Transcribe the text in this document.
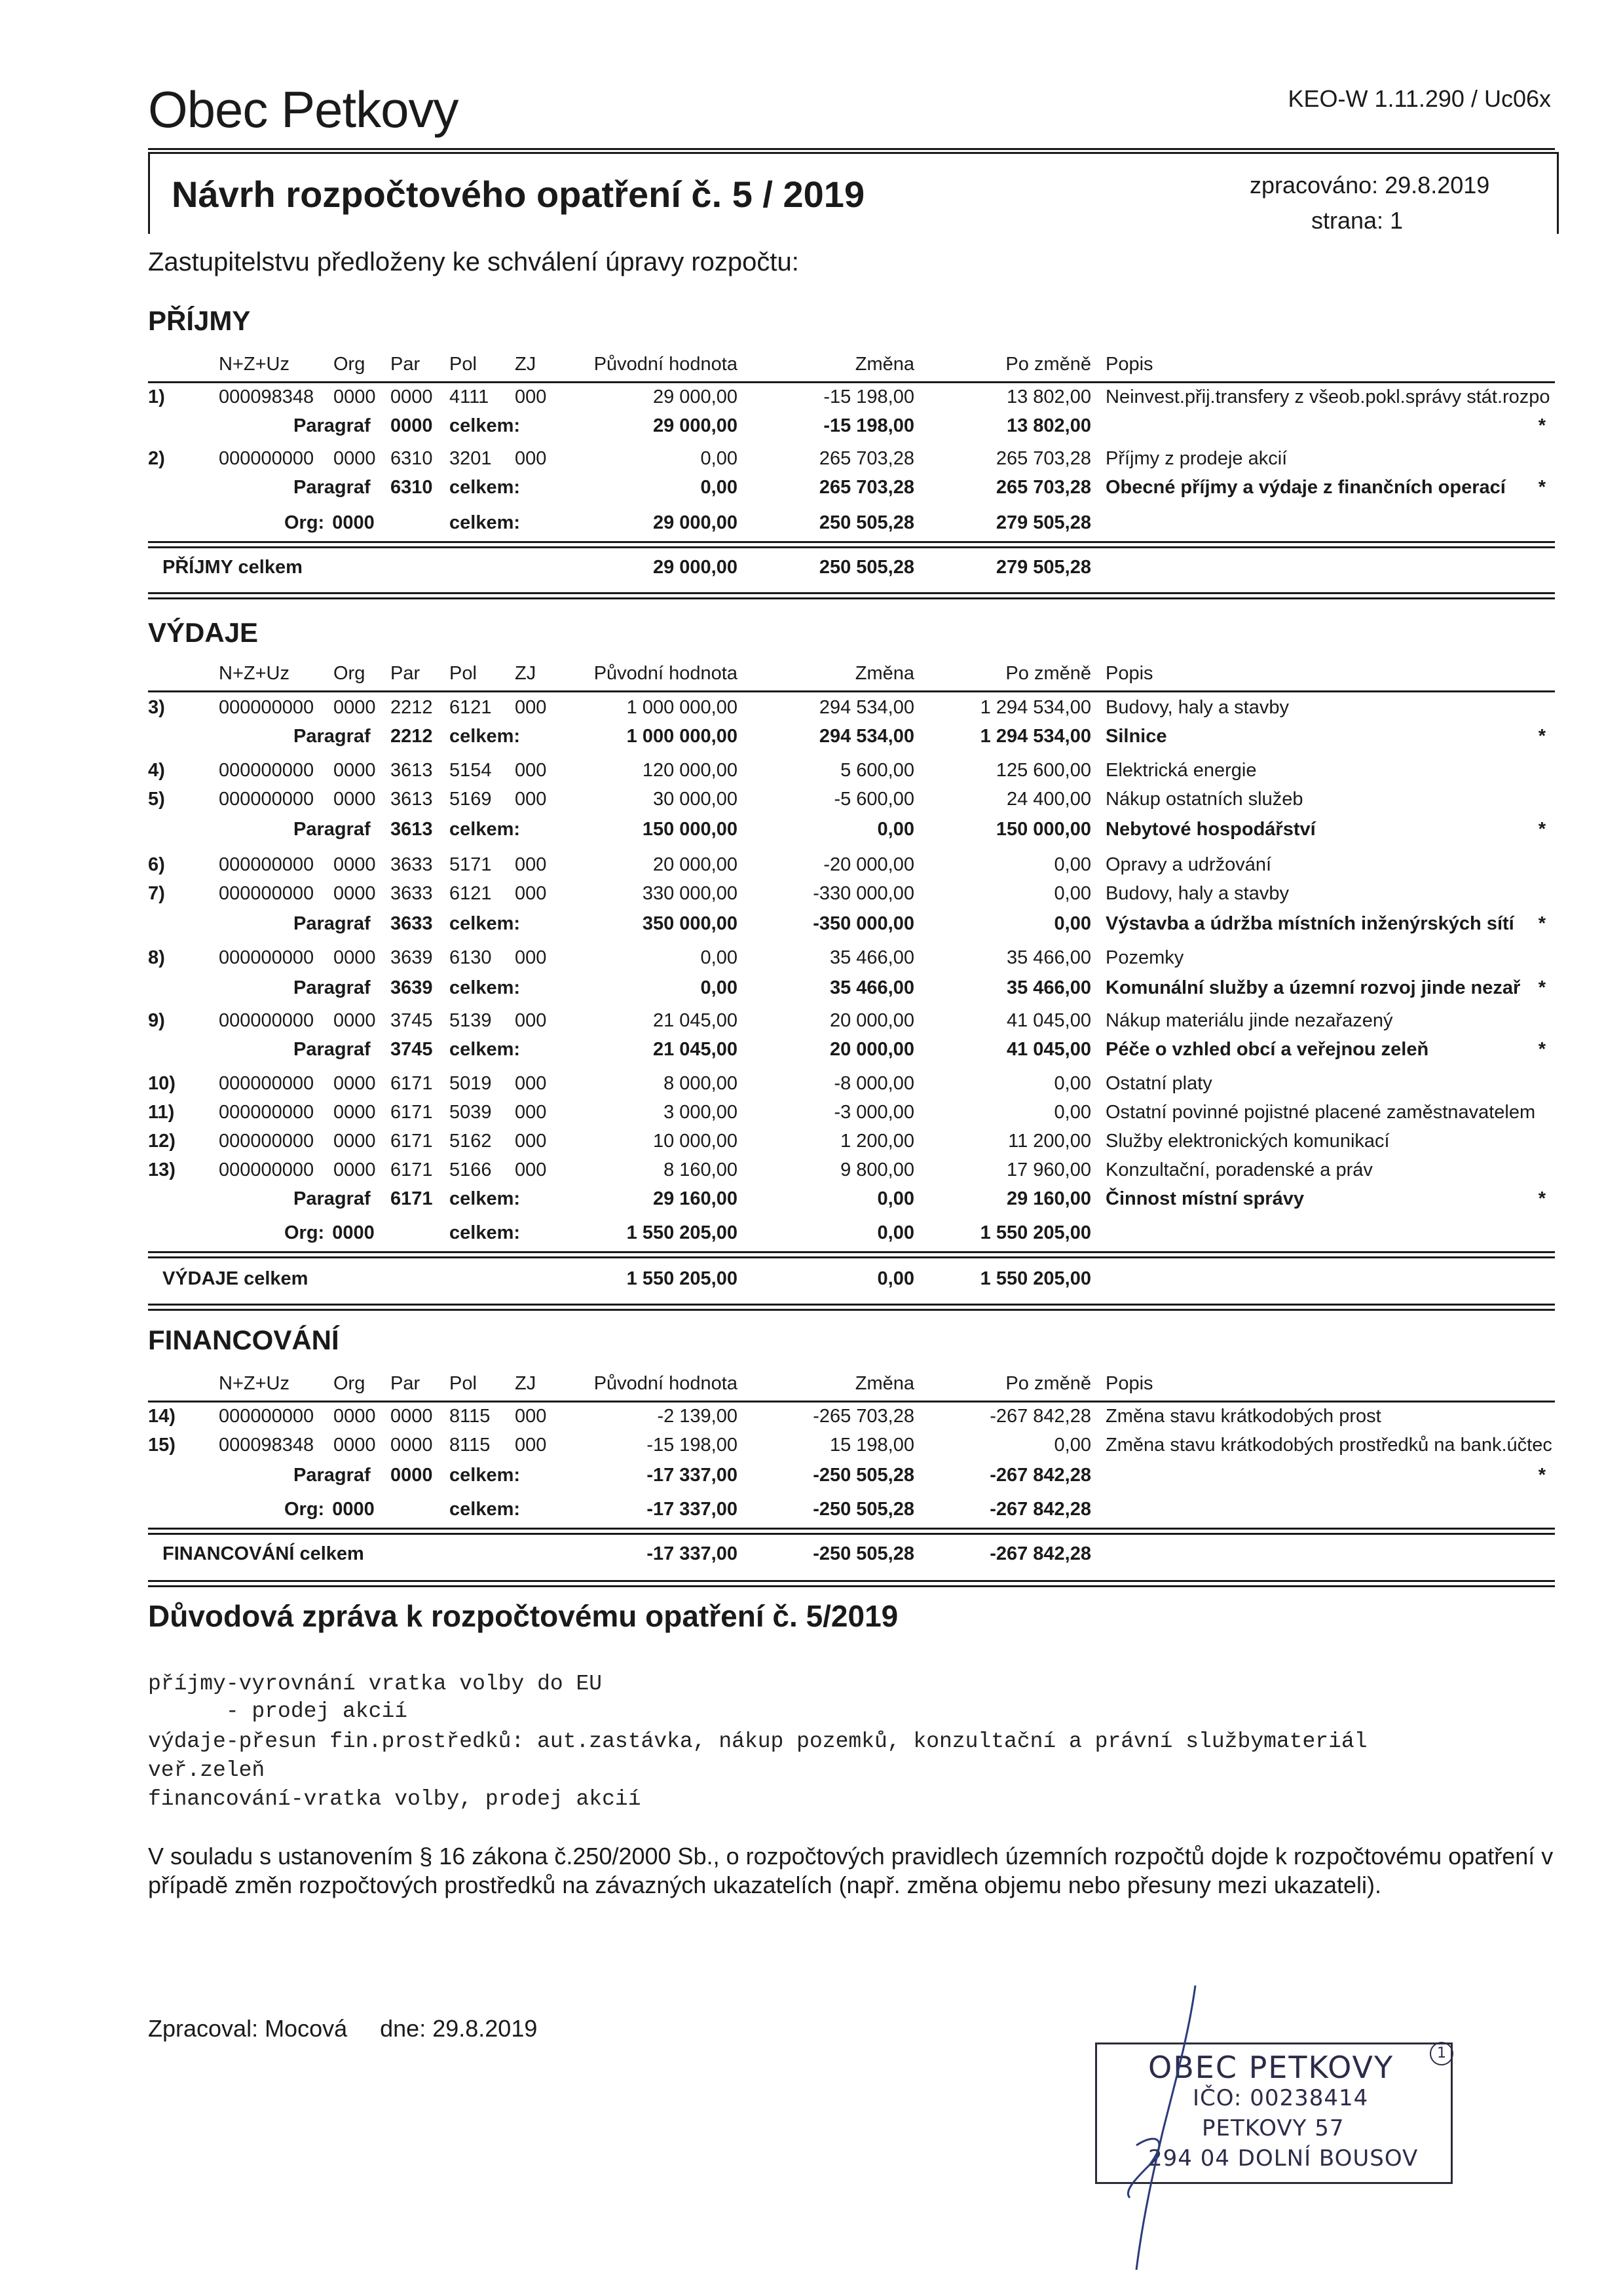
Obec Petkovy	KEO-W 1.11.290 / Uc06x
Návrh rozpočtového opatření č. 5 / 2019	zpracováno: 29.8.2019
strana: 1
Zastupitelstvu předloženy ke schválení úpravy rozpočtu:
PŘÍJMY
N+Z+Uz Org Par Pol ZJ	Původní hodnota	Změna	Po změně Popis
1)	000098348 0000 0000 4111 000	29 000,00	-15 198,00	13 802,00 Neinvest.přij.transfery z všeob.pokl.správy stát.rozpo
Paragraf 0000 celkem:	29 000,00	-15 198,00	13 802,00	*
2)	000000000 0000 6310 3201 000	0,00	265 703,28	265 703,28 Příjmy z prodeje akcií
Paragraf 6310 celkem:	0,00	265 703,28	265 703,28 Obecné příjmy a výdaje z finančních operací *
Org: 0000	celkem:	29 000,00	250 505,28	279 505,28
PŘÍJMY celkem	29 000,00	250 505,28	279 505,28
VÝDAJE
N+Z+Uz Org Par Pol ZJ	Původní hodnota	Změna	Po změně Popis
3)	000000000 0000 2212 6121 000	1 000 000,00	294 534,00	1 294 534,00 Budovy, haly a stavby
Paragraf 2212 celkem:	1 000 000,00	294 534,00	1 294 534,00 Silnice	*
4)	000000000 0000 3613 5154 000	120 000,00	5 600,00	125 600,00 Elektrická energie
5)	000000000 0000 3613 5169 000	30 000,00	-5 600,00	24 400,00 Nákup ostatních služeb
Paragraf 3613 celkem:	150 000,00	0,00	150 000,00 Nebytové hospodářství	*
6)	000000000 0000 3633 5171 000	20 000,00	-20 000,00	0,00 Opravy a udržování
7)	000000000 0000 3633 6121 000	330 000,00	-330 000,00	0,00 Budovy, haly a stavby
Paragraf 3633 celkem:	350 000,00	-350 000,00	0,00 Výstavba a údržba místních inženýrských sítí *
8)	000000000 0000 3639 6130 000	0,00	35 466,00	35 466,00 Pozemky
Paragraf 3639 celkem:	0,00	35 466,00	35 466,00 Komunální služby a územní rozvoj jinde nezař *
9)	000000000 0000 3745 5139 000	21 045,00	20 000,00	41 045,00 Nákup materiálu jinde nezařazený
Paragraf 3745 celkem:	21 045,00	20 000,00	41 045,00 Péče o vzhled obcí a veřejnou zeleň	*
10) 000000000 0000 6171 5019 000	8 000,00	-8 000,00	0,00 Ostatní platy
11) 000000000 0000 6171 5039 000	3 000,00	-3 000,00	0,00 Ostatní povinné pojistné placené zaměstnavatelem
12) 000000000 0000 6171 5162 000	10 000,00	1 200,00	11 200,00 Služby elektronických komunikací
13) 000000000 0000 6171 5166 000	8 160,00	9 800,00	17 960,00 Konzultační, poradenské a práv
Paragraf 6171 celkem:	29 160,00	0,00	29 160,00 Činnost místní správy	*
Org: 0000	celkem:	1 550 205,00	0,00	1 550 205,00
VÝDAJE celkem	1 550 205,00	0,00	1 550 205,00
FINANCOVÁNÍ
N+Z+Uz Org Par Pol ZJ	Původní hodnota	Změna	Po změně Popis
14) 000000000 0000 0000 8115 000	-2 139,00	-265 703,28	-267 842,28 Změna stavu krátkodobých prost
15) 000098348 0000 0000 8115 000	-15 198,00	15 198,00	0,00 Změna stavu krátkodobých prostředků na bank.účtec
Paragraf 0000 celkem:	-17 337,00	-250 505,28	-267 842,28	*
Org: 0000	celkem:	-17 337,00	-250 505,28	-267 842,28
FINANCOVÁNÍ celkem	-17 337,00	-250 505,28	-267 842,28
Důvodová zpráva k rozpočtovému opatření č. 5/2019
příjmy-vyrovnání vratka volby do EU
- prodej akcií
výdaje-přesun fin.prostředků: aut.zastávka, nákup pozemků, konzultační a právní službymateriál
veř.zeleň
financování-vratka volby, prodej akcií
V souladu s ustanovením § 16 zákona č.250/2000 Sb., o rozpočtových pravidlech územních rozpočtů dojde k rozpočtovému opatření v případě změn rozpočtových prostředků na závazných ukazatelích (např. změna objemu nebo přesuny mezi ukazateli).
Zpracoval: Mocová dne: 29.8.2019
OBEC PETKOVY	1
IČO: 00238414
PETKOVY 57
294 04 DOLNÍ BOUSOV
